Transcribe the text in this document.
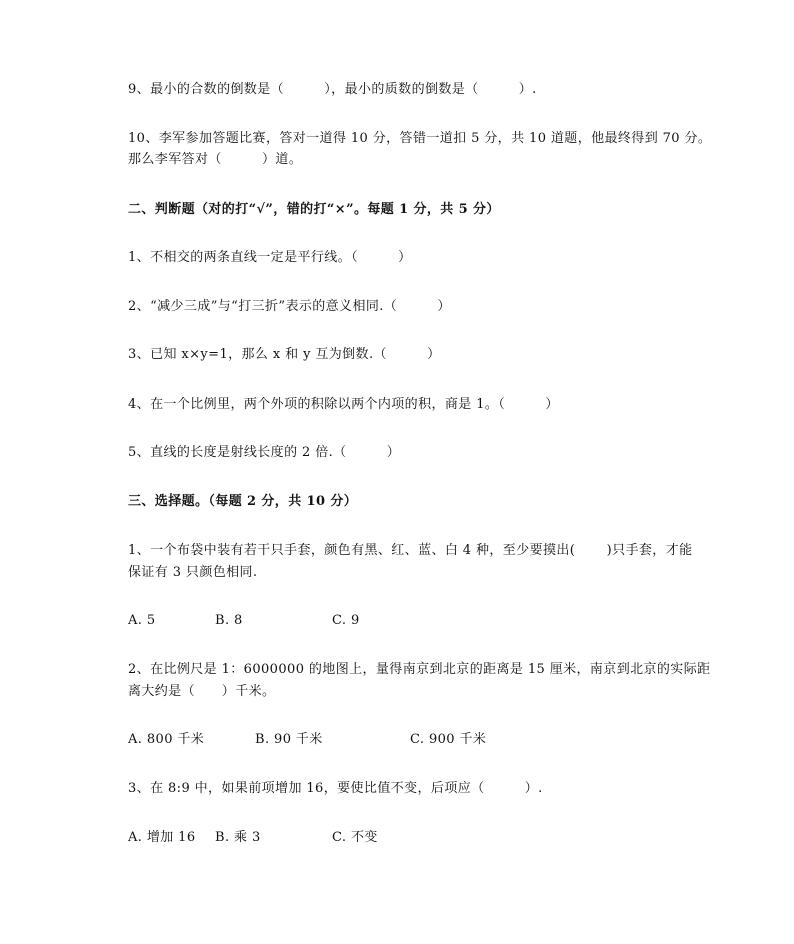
9、最小的合数的倒数是（　　　），最小的质数的倒数是（　　　）.

10、李军参加答题比赛，答对一道得 10 分，答错一道扣 5 分，共 10 道题，他最终得到 70 分。

那么李军答对（　　　）道。

二、判断题（对的打“√”，错的打“×”。每题 1 分，共 5 分）

1、不相交的两条直线一定是平行线。（　　　）

2、“减少三成”与“打三折”表示的意义相同.（　　　）

3、已知 x×y=1，那么 x 和 y 互为倒数.（　　　）

4、在一个比例里，两个外项的积除以两个内项的积，商是 1。（　　　）

5、直线的长度是射线长度的 2 倍.（　　　）

三、选择题。（每题 2 分，共 10 分）

1、一个布袋中装有若干只手套，颜色有黑、红、蓝、白 4 种，至少要摸出(　　 )只手套，才能

保证有 3 只颜色相同.

A. 5	B. 8	C. 9

2、在比例尺是 1：6000000 的地图上，量得南京到北京的距离是 15 厘米，南京到北京的实际距

离大约是（　　）千米。

A. 800 千米	B. 90 千米	C. 900 千米

3、在 8:9 中，如果前项增加 16，要使比值不变，后项应（　　　）.

A. 增加 16 B. 乘 3	C. 不变
